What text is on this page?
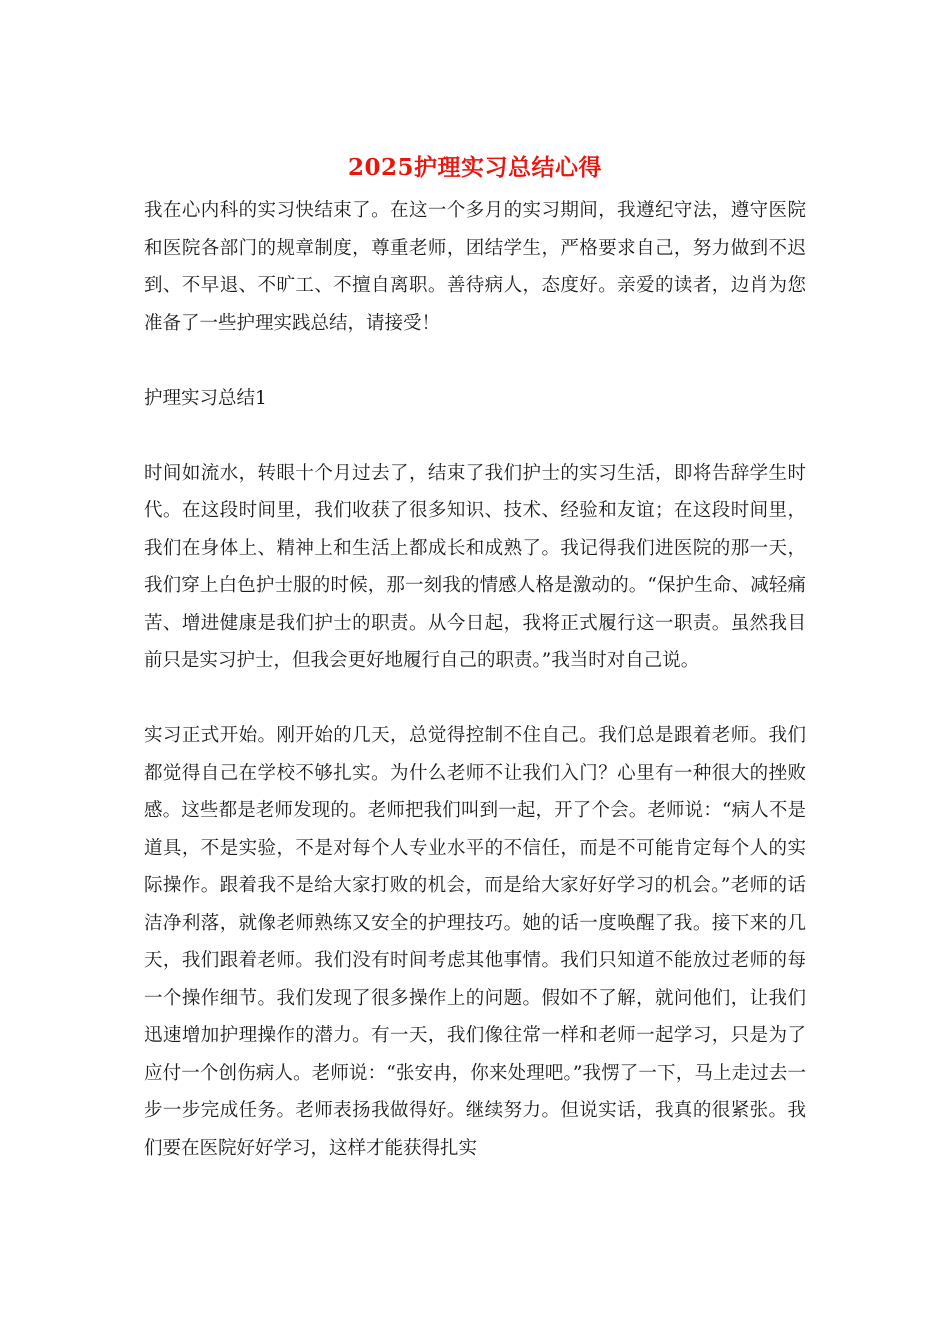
2025护理实习总结心得

我在心内科的实习快结束了。在这一个多月的实习期间，我遵纪守法，遵守医院和医院各部门的规章制度，尊重老师，团结学生，严格要求自己，努力做到不迟到、不早退、不旷工、不擅自离职。善待病人，态度好。亲爱的读者，边肖为您准备了一些护理实践总结，请接受！

护理实习总结1

时间如流水，转眼十个月过去了，结束了我们护士的实习生活，即将告辞学生时代。在这段时间里，我们收获了很多知识、技术、经验和友谊；在这段时间里，我们在身体上、精神上和生活上都成长和成熟了。我记得我们进医院的那一天，我们穿上白色护士服的时候，那一刻我的情感人格是激动的。“保护生命、减轻痛苦、增进健康是我们护士的职责。从今日起，我将正式履行这一职责。虽然我目前只是实习护士，但我会更好地履行自己的职责。”我当时对自己说。

实习正式开始。刚开始的几天，总觉得控制不住自己。我们总是跟着老师。我们都觉得自己在学校不够扎实。为什么老师不让我们入门？心里有一种很大的挫败感。这些都是老师发现的。老师把我们叫到一起，开了个会。老师说：“病人不是道具，不是实验，不是对每个人专业水平的不信任，而是不可能肯定每个人的实际操作。跟着我不是给大家打败的机会，而是给大家好好学习的机会。”老师的话洁净利落，就像老师熟练又安全的护理技巧。她的话一度唤醒了我。接下来的几天，我们跟着老师。我们没有时间考虑其他事情。我们只知道不能放过老师的每一个操作细节。我们发现了很多操作上的问题。假如不了解，就问他们，让我们迅速增加护理操作的潜力。有一天，我们像往常一样和老师一起学习，只是为了应付一个创伤病人。老师说：“张安冉，你来处理吧。”我愣了一下，马上走过去一步一步完成任务。老师表扬我做得好。继续努力。但说实话，我真的很紧张。我们要在医院好好学习，这样才能获得扎实
